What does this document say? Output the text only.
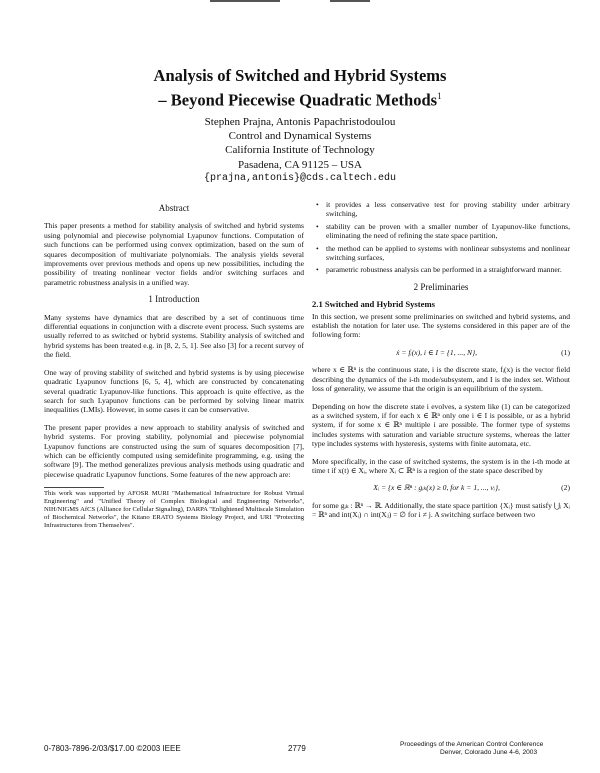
Analysis of Switched and Hybrid Systems
– Beyond Piecewise Quadratic Methods$^1$
Stephen Prajna, Antonis Papachristodoulou
Control and Dynamical Systems
California Institute of Technology
Pasadena, CA 91125 – USA
{prajna,antonis}@cds.caltech.edu
Abstract

This paper presents a method for stability analysis of switched and hybrid systems using polynomial and piecewise polynomial Lyapunov functions. Computation of such functions can be performed using convex optimization, based on the sum of squares decomposition of multivariate polynomials. The analysis yields several improvements over previous methods and opens up new possibilities, including the possibility of treating nonlinear vector fields and/or switching surfaces and parametric robustness analysis in a unified way.

1 Introduction

Many systems have dynamics that are described by a set of continuous time differential equations in conjunction with a discrete event process. Such systems are usually referred to as switched or hybrid systems. Stability analysis of switched and hybrid systems has been treated e.g. in [8, 2, 5, 1]. See also [3] for a recent survey of the field.

One way of proving stability of switched and hybrid systems is by using piecewise quadratic Lyapunov functions [6, 5, 4], which are constructed by concatenating several quadratic Lyapunov-like functions. This approach is quite effective, as the search for such Lyapunov functions can be performed by solving linear matrix inequalities (LMIs). However, in some cases it can be conservative.

The present paper provides a new approach to stability analysis of switched and hybrid systems. For proving stability, polynomial and piecewise polynomial Lyapunov functions are constructed using the sum of squares decomposition [7], which can be efficiently computed using semidefinite programming, e.g. using the software [9]. The method generalizes previous analysis methods using quadratic and piecewise quadratic Lyapunov functions. Some features of the new approach are:

This work was supported by AFOSR MURI "Mathematical Infrastructure for Robust Virtual Engineering" and "Unified Theory of Complex Biological and Engineering Networks", NIH/NIGMS AfCS (Alliance for Cellular Signaling), DARPA "Enlightened Multiscale Simulation of Biochemical Networks", the Kitano ERATO Systems Biology Project, and URI "Protecting Infrastructures from Themselves".
• it provides a less conservative test for proving stability under arbitrary switching,
• stability can be proven with a smaller number of Lyapunov-like functions, eliminating the need of refining the state space partition,
• the method can be applied to systems with nonlinear subsystems and nonlinear switching surfaces,
• parametric robustness analysis can be performed in a straightforward manner.
2 Preliminaries
2.1 Switched and Hybrid Systems

In this section, we present some preliminaries on switched and hybrid systems, and establish the notation for later use. The systems considered in this paper are of the following form:

ẋ = fᵢ(x), i ∈ I = {1, ..., N},	(1)

where x ∈ ℝⁿ is the continuous state, i is the discrete state, fᵢ(x) is the vector field describing the dynamics of the i-th mode/subsystem, and I is the index set. Without loss of generality, we assume that the origin is an equilibrium of the system.

Depending on how the discrete state i evolves, a system like (1) can be categorized as a switched system, if for each x ∈ ℝⁿ only one i ∈ I is possible, or as a hybrid system, if for some x ∈ ℝⁿ multiple i are possible. The former type of systems includes systems with saturation and variable structure systems, whereas the latter type includes systems with hysteresis, systems with finite automata, etc.

More specifically, in the case of switched systems, the system is in the i-th mode at time t if x(t) ∈ Xᵢ, where Xᵢ ⊂ ℝⁿ is a region of the state space described by

Xᵢ = {x ∈ ℝⁿ : gᵢₖ(x) ≥ 0, for k = 1, ..., vᵢ},	(2)

for some gᵢₖ : ℝⁿ → ℝ. Additionally, the state space partition {Xᵢ} must satisfy ⋃ᵢ Xᵢ = ℝⁿ and int(Xᵢ) ∩ int(Xⱼ) = ∅ for i ≠ j. A switching surface between two

0-7803-7896-2/03/$17.00 ©2003 IEEE	2779	Proceedings of the American Control Conference
Denver, Colorado June 4-6, 2003
